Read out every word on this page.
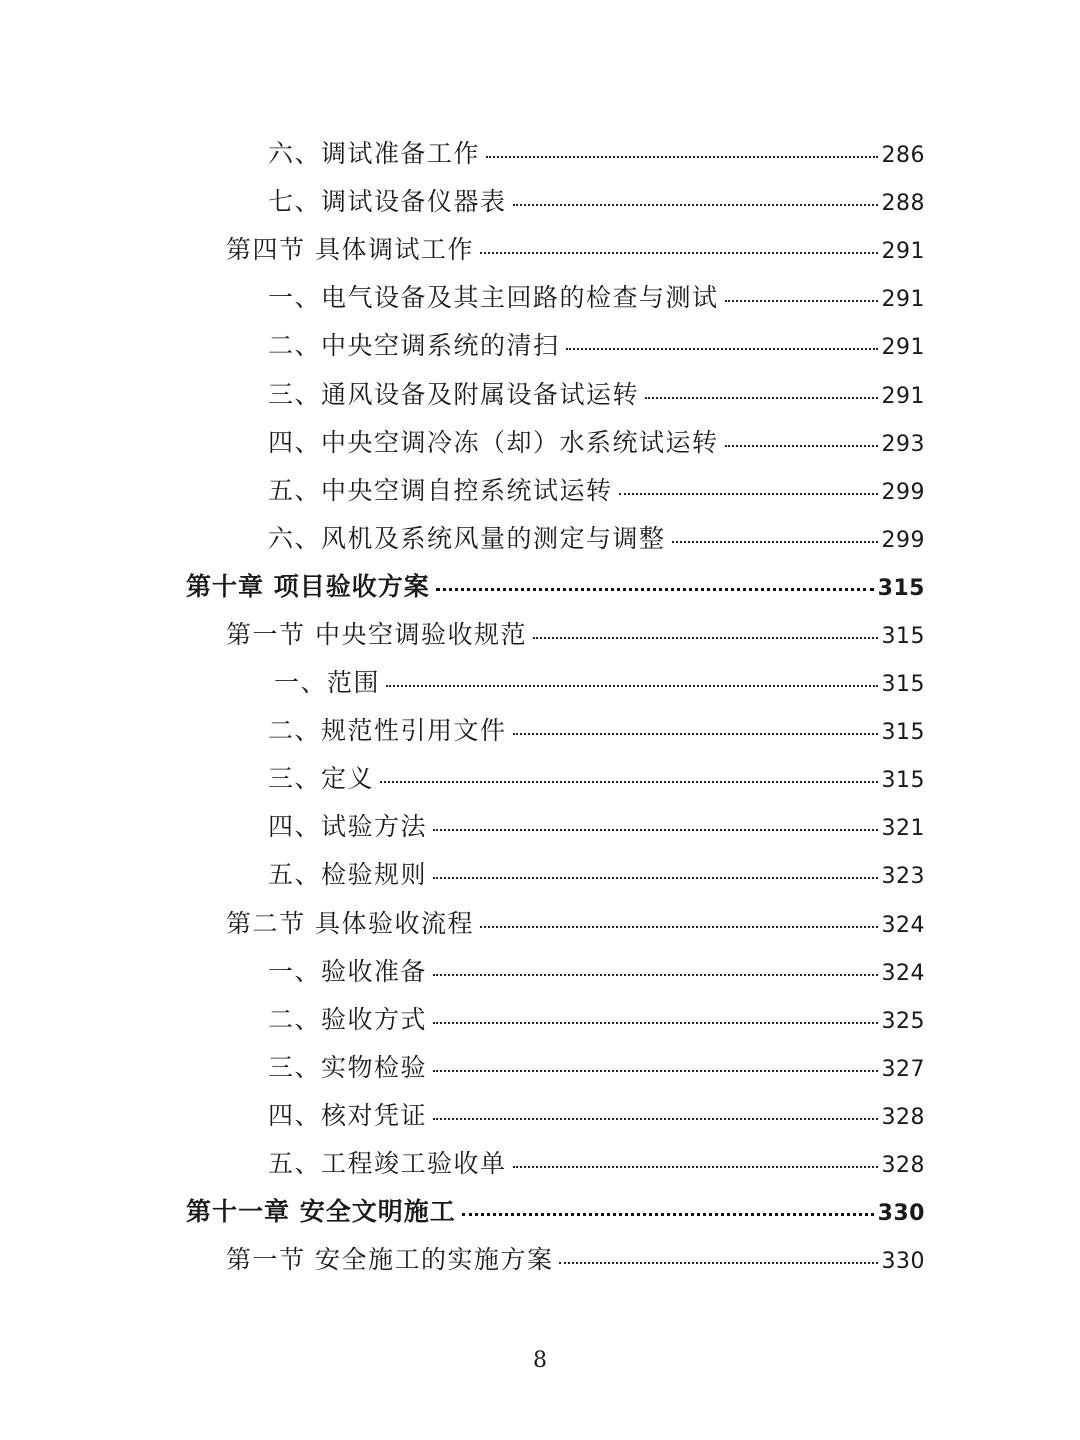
六、调试准备工作	286
七、调试设备仪器表	288
第四节 具体调试工作	291
一、电气设备及其主回路的检查与测试	291
二、中央空调系统的清扫	291
三、通风设备及附属设备试运转	291
四、中央空调冷冻（却）水系统试运转	293
五、中央空调自控系统试运转	299
六、风机及系统风量的测定与调整	299
第十章 项目验收方案	315
第一节 中央空调验收规范	315
一、范围	315
二、规范性引用文件	315
三、定义	315
四、试验方法	321
五、检验规则	323
第二节 具体验收流程	324
一、验收准备	324
二、验收方式	325
三、实物检验	327
四、核对凭证	328
五、工程竣工验收单	328
第十一章 安全文明施工	330
第一节 安全施工的实施方案	330
8
